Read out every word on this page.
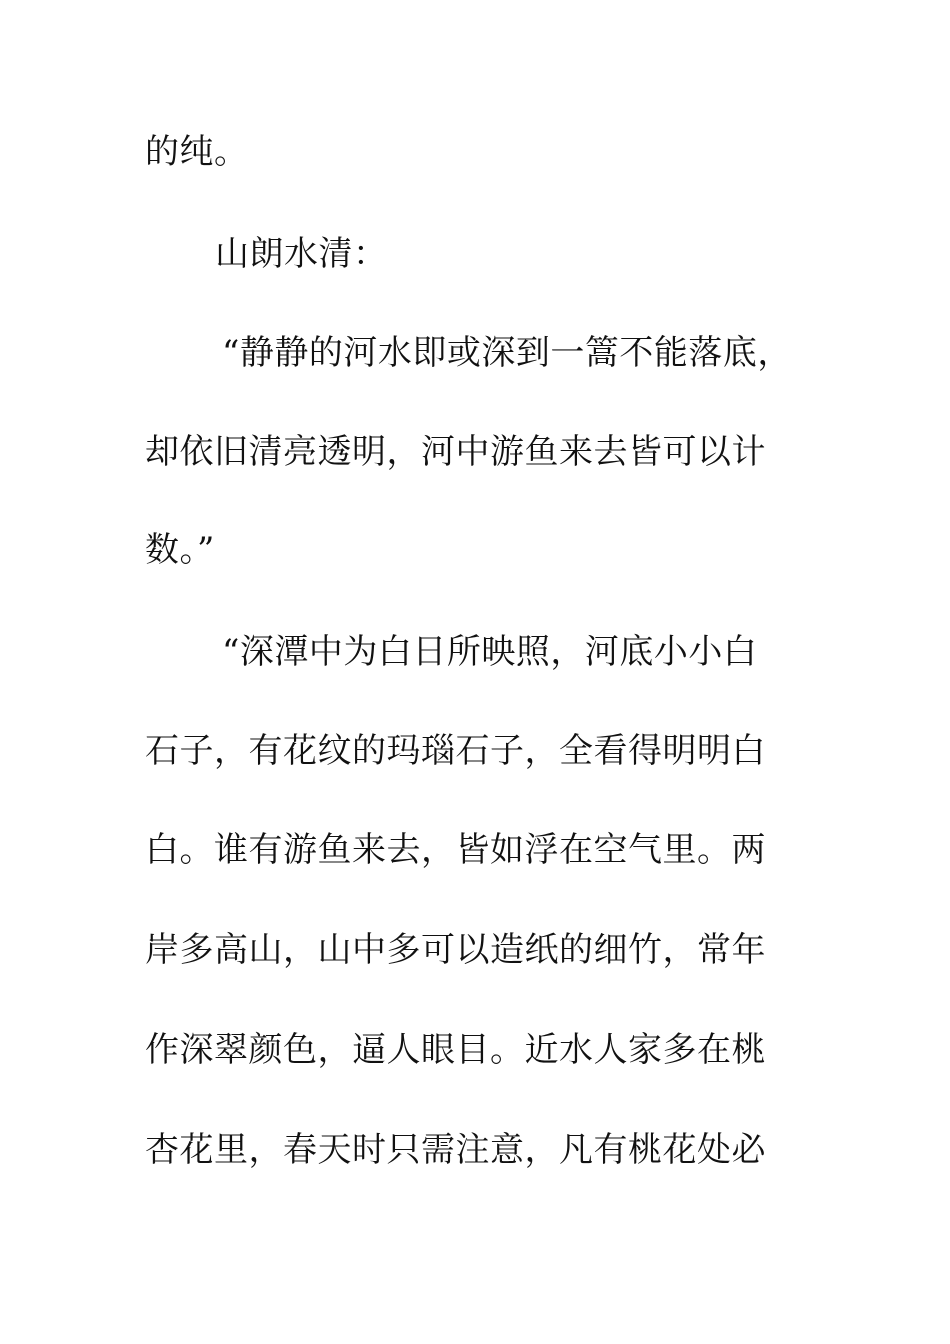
的纯。
山朗水清：
“静静的河水即或深到一篙不能落底，
却依旧清亮透明，河中游鱼来去皆可以计
数。”
“深潭中为白日所映照，河底小小白
石子，有花纹的玛瑙石子，全看得明明白
白。谁有游鱼来去，皆如浮在空气里。两
岸多高山，山中多可以造纸的细竹，常年
作深翠颜色，逼人眼目。近水人家多在桃
杏花里，春天时只需注意，凡有桃花处必
